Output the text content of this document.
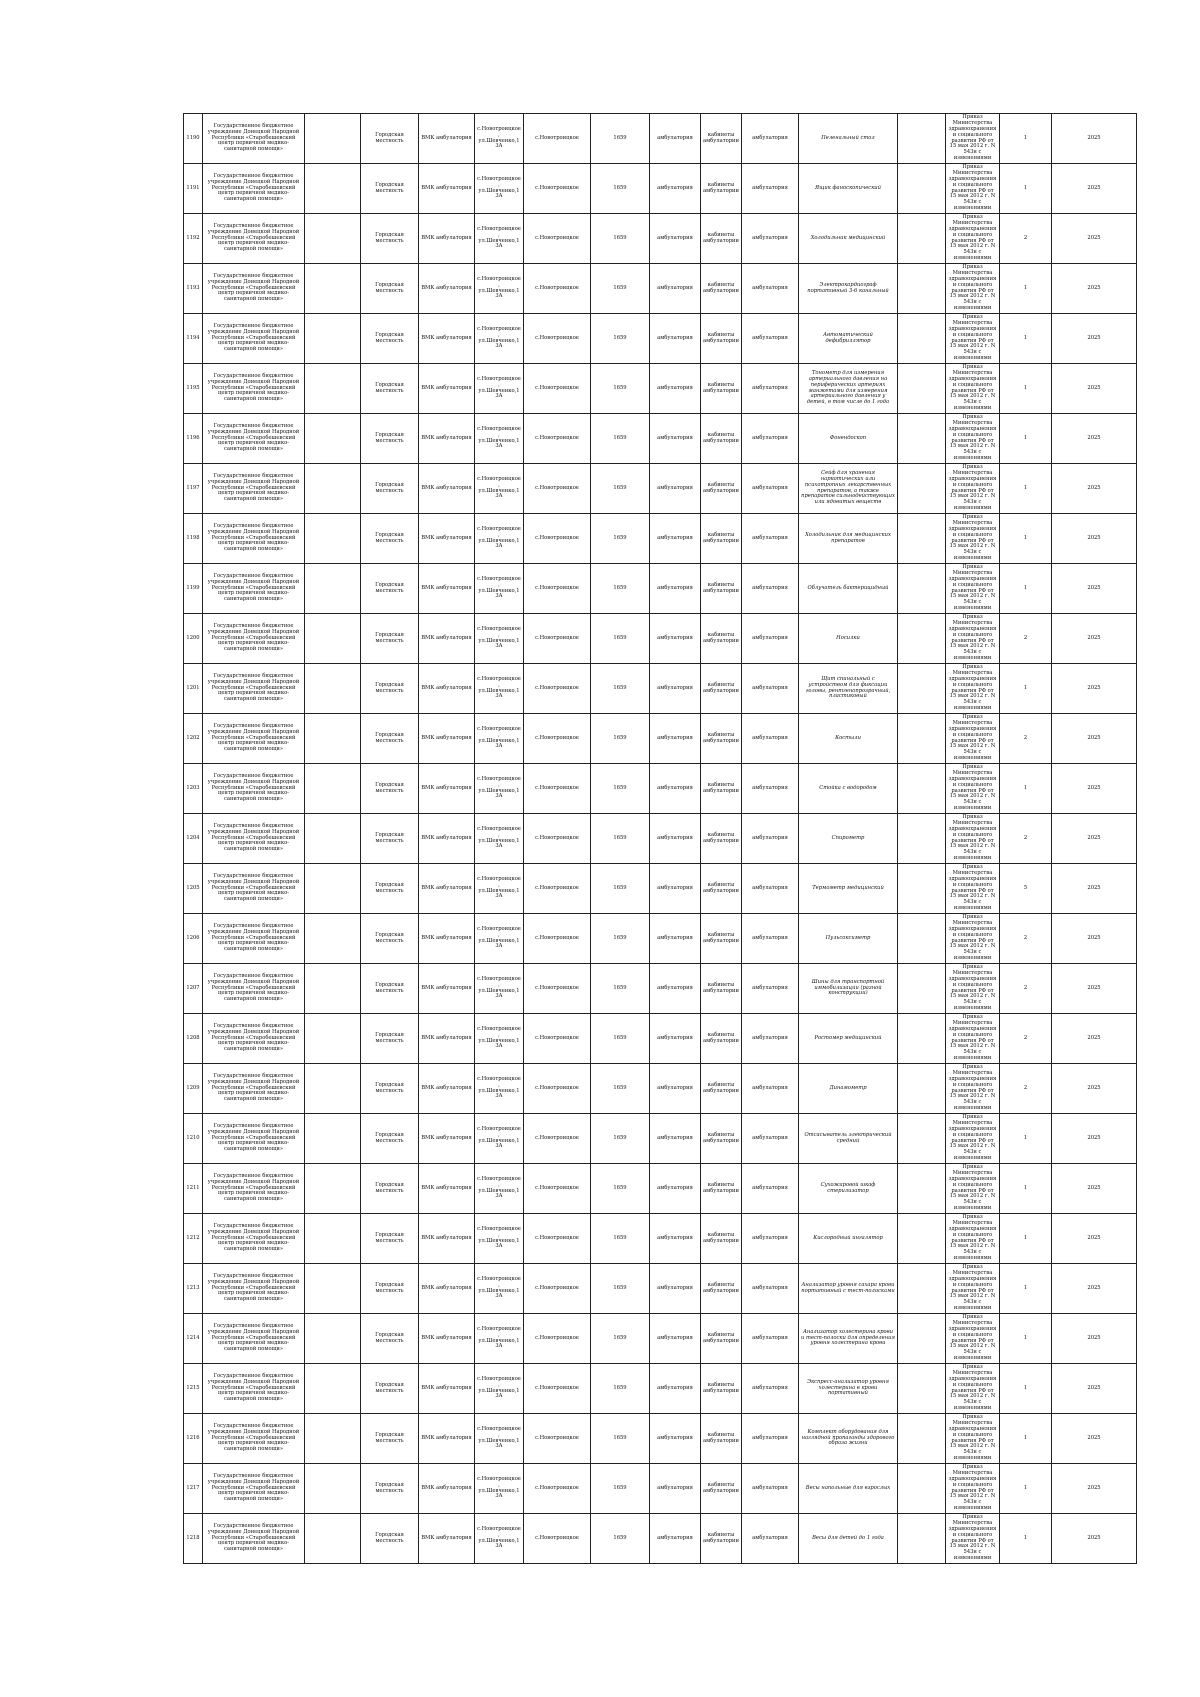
1190	Государственное бюджетное учреждение Донецкой Народной Республики «Старобешевский центр первичной медико-санитарной помощи»		Городская местность	ВМК амбулатория	с.Новотроицкое, ул.Шевченко,13А	с.Новотроицкое	1659	амбулатория	кабинеты амбулатории	амбулатория	Пеленальный стол		Приказ Министерства здравоохранения и социального развития РФ от 15 мая 2012 г. N 543н с изменениями	1	2025
1191	Государственное бюджетное учреждение Донецкой Народной Республики «Старобешевский центр первичной медико-санитарной помощи»		Городская местность	ВМК амбулатория	с.Новотроицкое, ул.Шевченко,13А	с.Новотроицкое	1659	амбулатория	кабинеты амбулатории	амбулатория	Ящик фаноскопический		Приказ Министерства здравоохранения и социального развития РФ от 15 мая 2012 г. N 543н с изменениями	1	2025
1192	Государственное бюджетное учреждение Донецкой Народной Республики «Старобешевский центр первичной медико-санитарной помощи»		Городская местность	ВМК амбулатория	с.Новотроицкое, ул.Шевченко,13А	с.Новотроицкое	1659	амбулатория	кабинеты амбулатории	амбулатория	Холодильник медицинский		Приказ Министерства здравоохранения и социального развития РФ от 15 мая 2012 г. N 543н с изменениями	2	2025
1193	Государственное бюджетное учреждение Донецкой Народной Республики «Старобешевский центр первичной медико-санитарной помощи»		Городская местность	ВМК амбулатория	с.Новотроицкое, ул.Шевченко,13А	с.Новотроицкое	1659	амбулатория	кабинеты амбулатории	амбулатория	Электрокардиограф портативный 3-6 канальный		Приказ Министерства здравоохранения и социального развития РФ от 15 мая 2012 г. N 543н с изменениями	1	2025
1194	Государственное бюджетное учреждение Донецкой Народной Республики «Старобешевский центр первичной медико-санитарной помощи»		Городская местность	ВМК амбулатория	с.Новотроицкое, ул.Шевченко,13А	с.Новотроицкое	1659	амбулатория	кабинеты амбулатории	амбулатория	Автоматический дефибриллятор		Приказ Министерства здравоохранения и социального развития РФ от 15 мая 2012 г. N 543н с изменениями	1	2025
1195	Государственное бюджетное учреждение Донецкой Народной Республики «Старобешевский центр первичной медико-санитарной помощи»		Городская местность	ВМК амбулатория	с.Новотроицкое, ул.Шевченко,13А	с.Новотроицкое	1659	амбулатория	кабинеты амбулатории	амбулатория	Тонометр для измерения артериального давления на периферических артериях манжетами для измерения артериального давления у детей, в том числе до 1 года		Приказ Министерства здравоохранения и социального развития РФ от 15 мая 2012 г. N 543н с изменениями	1	2025
1196	Государственное бюджетное учреждение Донецкой Народной Республики «Старобешевский центр первичной медико-санитарной помощи»		Городская местность	ВМК амбулатория	с.Новотроицкое, ул.Шевченко,13А	с.Новотроицкое	1659	амбулатория	кабинеты амбулатории	амбулатория	Фонендоскоп		Приказ Министерства здравоохранения и социального развития РФ от 15 мая 2012 г. N 543н с изменениями	1	2025
1197	Государственное бюджетное учреждение Донецкой Народной Республики «Старобешевский центр первичной медико-санитарной помощи»		Городская местность	ВМК амбулатория	с.Новотроицкое, ул.Шевченко,13А	с.Новотроицкое	1659	амбулатория	кабинеты амбулатории	амбулатория	Сейф для хранения наркотических или психотропных лекарственных препаратов, а также препаратов сильнодействующих или ядовитых веществ		Приказ Министерства здравоохранения и социального развития РФ от 15 мая 2012 г. N 543н с изменениями	1	2025
1198	Государственное бюджетное учреждение Донецкой Народной Республики «Старобешевский центр первичной медико-санитарной помощи»		Городская местность	ВМК амбулатория	с.Новотроицкое, ул.Шевченко,13А	с.Новотроицкое	1659	амбулатория	кабинеты амбулатории	амбулатория	Холодильник для медицинских препаратов		Приказ Министерства здравоохранения и социального развития РФ от 15 мая 2012 г. N 543н с изменениями	1	2025
1199	Государственное бюджетное учреждение Донецкой Народной Республики «Старобешевский центр первичной медико-санитарной помощи»		Городская местность	ВМК амбулатория	с.Новотроицкое, ул.Шевченко,13А	с.Новотроицкое	1659	амбулатория	кабинеты амбулатории	амбулатория	Облучатель бактерицидный		Приказ Министерства здравоохранения и социального развития РФ от 15 мая 2012 г. N 543н с изменениями	1	2025
1200	Государственное бюджетное учреждение Донецкой Народной Республики «Старобешевский центр первичной медико-санитарной помощи»		Городская местность	ВМК амбулатория	с.Новотроицкое, ул.Шевченко,13А	с.Новотроицкое	1659	амбулатория	кабинеты амбулатории	амбулатория	Носилки		Приказ Министерства здравоохранения и социального развития РФ от 15 мая 2012 г. N 543н с изменениями	2	2025
1201	Государственное бюджетное учреждение Донецкой Народной Республики «Старобешевский центр первичной медико-санитарной помощи»		Городская местность	ВМК амбулатория	с.Новотроицкое, ул.Шевченко,13А	с.Новотроицкое	1659	амбулатория	кабинеты амбулатории	амбулатория	Щит спинальный с устройством для фиксации головы, рентгенопрозрачный, пластиковый		Приказ Министерства здравоохранения и социального развития РФ от 15 мая 2012 г. N 543н с изменениями	1	2025
1202	Государственное бюджетное учреждение Донецкой Народной Республики «Старобешевский центр первичной медико-санитарной помощи»		Городская местность	ВМК амбулатория	с.Новотроицкое, ул.Шевченко,13А	с.Новотроицкое	1659	амбулатория	кабинеты амбулатории	амбулатория	Костыли		Приказ Министерства здравоохранения и социального развития РФ от 15 мая 2012 г. N 543н с изменениями	2	2025
1203	Государственное бюджетное учреждение Донецкой Народной Республики «Старобешевский центр первичной медико-санитарной помощи»		Городская местность	ВМК амбулатория	с.Новотроицкое, ул.Шевченко,13А	с.Новотроицкое	1659	амбулатория	кабинеты амбулатории	амбулатория	Стойка с водородом		Приказ Министерства здравоохранения и социального развития РФ от 15 мая 2012 г. N 543н с изменениями	1	2025
1204	Государственное бюджетное учреждение Донецкой Народной Республики «Старобешевский центр первичной медико-санитарной помощи»		Городская местность	ВМК амбулатория	с.Новотроицкое, ул.Шевченко,13А	с.Новотроицкое	1659	амбулатория	кабинеты амбулатории	амбулатория	Спирометр		Приказ Министерства здравоохранения и социального развития РФ от 15 мая 2012 г. N 543н с изменениями	2	2025
1205	Государственное бюджетное учреждение Донецкой Народной Республики «Старобешевский центр первичной медико-санитарной помощи»		Городская местность	ВМК амбулатория	с.Новотроицкое, ул.Шевченко,13А	с.Новотроицкое	1659	амбулатория	кабинеты амбулатории	амбулатория	Термометр медицинский		Приказ Министерства здравоохранения и социального развития РФ от 15 мая 2012 г. N 543н с изменениями	5	2025
1206	Государственное бюджетное учреждение Донецкой Народной Республики «Старобешевский центр первичной медико-санитарной помощи»		Городская местность	ВМК амбулатория	с.Новотроицкое, ул.Шевченко,13А	с.Новотроицкое	1659	амбулатория	кабинеты амбулатории	амбулатория	Пульсоксиметр		Приказ Министерства здравоохранения и социального развития РФ от 15 мая 2012 г. N 543н с изменениями	2	2025
1207	Государственное бюджетное учреждение Донецкой Народной Республики «Старобешевский центр первичной медико-санитарной помощи»		Городская местность	ВМК амбулатория	с.Новотроицкое, ул.Шевченко,13А	с.Новотроицкое	1659	амбулатория	кабинеты амбулатории	амбулатория	Шины для транспортной иммобилизации (разной конструкции)		Приказ Министерства здравоохранения и социального развития РФ от 15 мая 2012 г. N 543н с изменениями	2	2025
1208	Государственное бюджетное учреждение Донецкой Народной Республики «Старобешевский центр первичной медико-санитарной помощи»		Городская местность	ВМК амбулатория	с.Новотроицкое, ул.Шевченко,13А	с.Новотроицкое	1659	амбулатория	кабинеты амбулатории	амбулатория	Ростомер медицинский		Приказ Министерства здравоохранения и социального развития РФ от 15 мая 2012 г. N 543н с изменениями	2	2025
1209	Государственное бюджетное учреждение Донецкой Народной Республики «Старобешевский центр первичной медико-санитарной помощи»		Городская местность	ВМК амбулатория	с.Новотроицкое, ул.Шевченко,13А	с.Новотроицкое	1659	амбулатория	кабинеты амбулатории	амбулатория	Динамометр		Приказ Министерства здравоохранения и социального развития РФ от 15 мая 2012 г. N 543н с изменениями	2	2025
1210	Государственное бюджетное учреждение Донецкой Народной Республики «Старобешевский центр первичной медико-санитарной помощи»		Городская местность	ВМК амбулатория	с.Новотроицкое, ул.Шевченко,13А	с.Новотроицкое	1659	амбулатория	кабинеты амбулатории	амбулатория	Отсасыватель электрический средний		Приказ Министерства здравоохранения и социального развития РФ от 15 мая 2012 г. N 543н с изменениями	1	2025
1211	Государственное бюджетное учреждение Донецкой Народной Республики «Старобешевский центр первичной медико-санитарной помощи»		Городская местность	ВМК амбулатория	с.Новотроицкое, ул.Шевченко,13А	с.Новотроицкое	1659	амбулатория	кабинеты амбулатории	амбулатория	Сухожаровой шкаф стерилизатор		Приказ Министерства здравоохранения и социального развития РФ от 15 мая 2012 г. N 543н с изменениями	1	2025
1212	Государственное бюджетное учреждение Донецкой Народной Республики «Старобешевский центр первичной медико-санитарной помощи»		Городская местность	ВМК амбулатория	с.Новотроицкое, ул.Шевченко,13А	с.Новотроицкое	1659	амбулатория	кабинеты амбулатории	амбулатория	Кислородный ингалятор		Приказ Министерства здравоохранения и социального развития РФ от 15 мая 2012 г. N 543н с изменениями	1	2025
1213	Государственное бюджетное учреждение Донецкой Народной Республики «Старобешевский центр первичной медико-санитарной помощи»		Городская местность	ВМК амбулатория	с.Новотроицкое, ул.Шевченко,13А	с.Новотроицкое	1659	амбулатория	кабинеты амбулатории	амбулатория	Анализатор уровня сахара крови портативный с тест-полосками		Приказ Министерства здравоохранения и социального развития РФ от 15 мая 2012 г. N 543н с изменениями	1	2025
1214	Государственное бюджетное учреждение Донецкой Народной Республики «Старобешевский центр первичной медико-санитарной помощи»		Городская местность	ВМК амбулатория	с.Новотроицкое, ул.Шевченко,13А	с.Новотроицкое	1659	амбулатория	кабинеты амбулатории	амбулатория	Анализатор холестерина крови и тест-полоски для определения уровня холестерина крови		Приказ Министерства здравоохранения и социального развития РФ от 15 мая 2012 г. N 543н с изменениями	1	2025
1215	Государственное бюджетное учреждение Донецкой Народной Республики «Старобешевский центр первичной медико-санитарной помощи»		Городская местность	ВМК амбулатория	с.Новотроицкое, ул.Шевченко,13А	с.Новотроицкое	1659	амбулатория	кабинеты амбулатории	амбулатория	Экспресс-анализатор уровня холестерина в крови портативный		Приказ Министерства здравоохранения и социального развития РФ от 15 мая 2012 г. N 543н с изменениями	1	2025
1216	Государственное бюджетное учреждение Донецкой Народной Республики «Старобешевский центр первичной медико-санитарной помощи»		Городская местность	ВМК амбулатория	с.Новотроицкое, ул.Шевченко,13А	с.Новотроицкое	1659	амбулатория	кабинеты амбулатории	амбулатория	Комплект оборудования для наглядной пропаганды здорового образа жизни		Приказ Министерства здравоохранения и социального развития РФ от 15 мая 2012 г. N 543н с изменениями	1	2025
1217	Государственное бюджетное учреждение Донецкой Народной Республики «Старобешевский центр первичной медико-санитарной помощи»		Городская местность	ВМК амбулатория	с.Новотроицкое, ул.Шевченко,13А	с.Новотроицкое	1659	амбулатория	кабинеты амбулатории	амбулатория	Весы напольные для взрослых		Приказ Министерства здравоохранения и социального развития РФ от 15 мая 2012 г. N 543н с изменениями	1	2025
1218	Государственное бюджетное учреждение Донецкой Народной Республики «Старобешевский центр первичной медико-санитарной помощи»		Городская местность	ВМК амбулатория	с.Новотроицкое, ул.Шевченко,13А	с.Новотроицкое	1659	амбулатория	кабинеты амбулатории	амбулатория	Весы для детей до 1 года		Приказ Министерства здравоохранения и социального развития РФ от 15 мая 2012 г. N 543н с изменениями	1	2025
